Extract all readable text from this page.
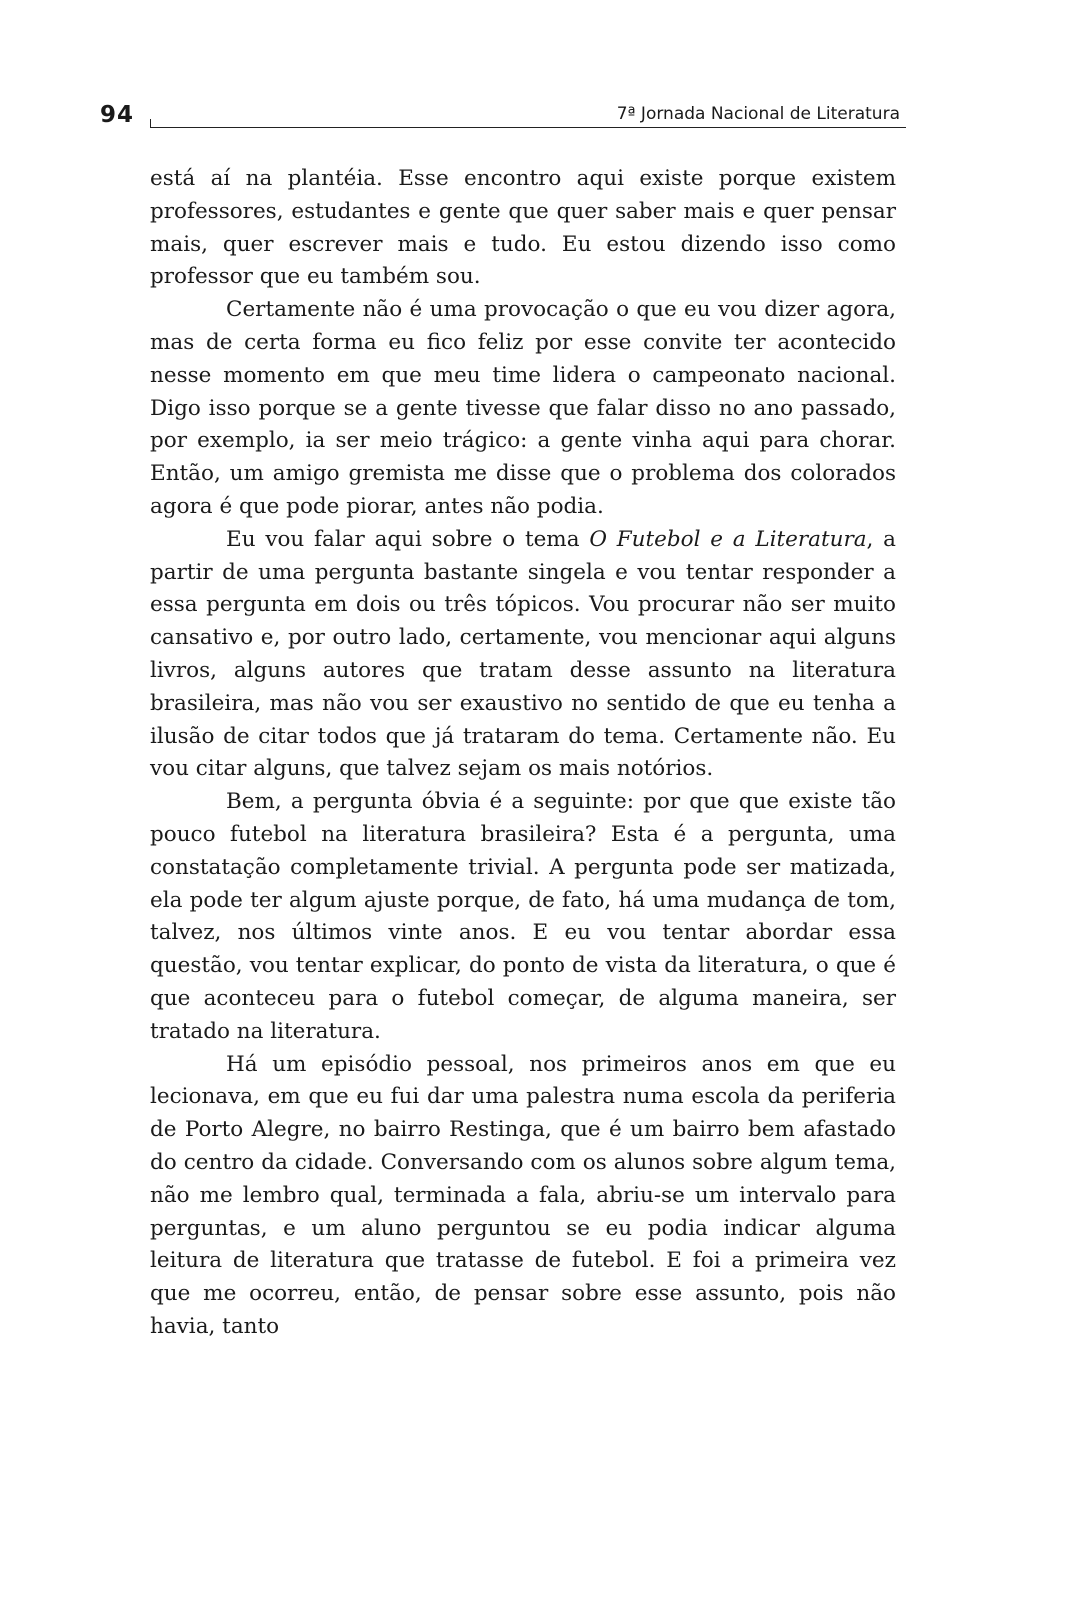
94	7ª Jornada Nacional de Literatura

está aí na plantéia. Esse encontro aqui existe porque existem professores, estudantes e gente que quer saber mais e quer pensar mais, quer escrever mais e tudo. Eu estou dizendo isso como professor que eu também sou.

Certamente não é uma provocação o que eu vou dizer agora, mas de certa forma eu fico feliz por esse convite ter acontecido nesse momento em que meu time lidera o campeonato nacional. Digo isso porque se a gente tivesse que falar disso no ano passado, por exemplo, ia ser meio trágico: a gente vinha aqui para chorar. Então, um amigo gremista me disse que o problema dos colorados agora é que pode piorar, antes não podia.

Eu vou falar aqui sobre o tema O Futebol e a Literatura, a partir de uma pergunta bastante singela e vou tentar responder a essa pergunta em dois ou três tópicos. Vou procurar não ser muito cansativo e, por outro lado, certamente, vou mencionar aqui alguns livros, alguns autores que tratam desse assunto na literatura brasileira, mas não vou ser exaustivo no sentido de que eu tenha a ilusão de citar todos que já trataram do tema. Certamente não. Eu vou citar alguns, que talvez sejam os mais notórios.

Bem, a pergunta óbvia é a seguinte: por que que existe tão pouco futebol na literatura brasileira? Esta é a pergunta, uma constatação completamente trivial. A pergunta pode ser matizada, ela pode ter algum ajuste porque, de fato, há uma mudança de tom, talvez, nos últimos vinte anos. E eu vou tentar abordar essa questão, vou tentar explicar, do ponto de vista da literatura, o que é que aconteceu para o futebol começar, de alguma maneira, ser tratado na literatura.

Há um episódio pessoal, nos primeiros anos em que eu lecionava, em que eu fui dar uma palestra numa escola da periferia de Porto Alegre, no bairro Restinga, que é um bairro bem afastado do centro da cidade. Conversando com os alunos sobre algum tema, não me lembro qual, terminada a fala, abriu-se um intervalo para perguntas, e um aluno perguntou se eu podia indicar alguma leitura de literatura que tratasse de futebol. E foi a primeira vez que me ocorreu, então, de pensar sobre esse assunto, pois não havia, tanto
